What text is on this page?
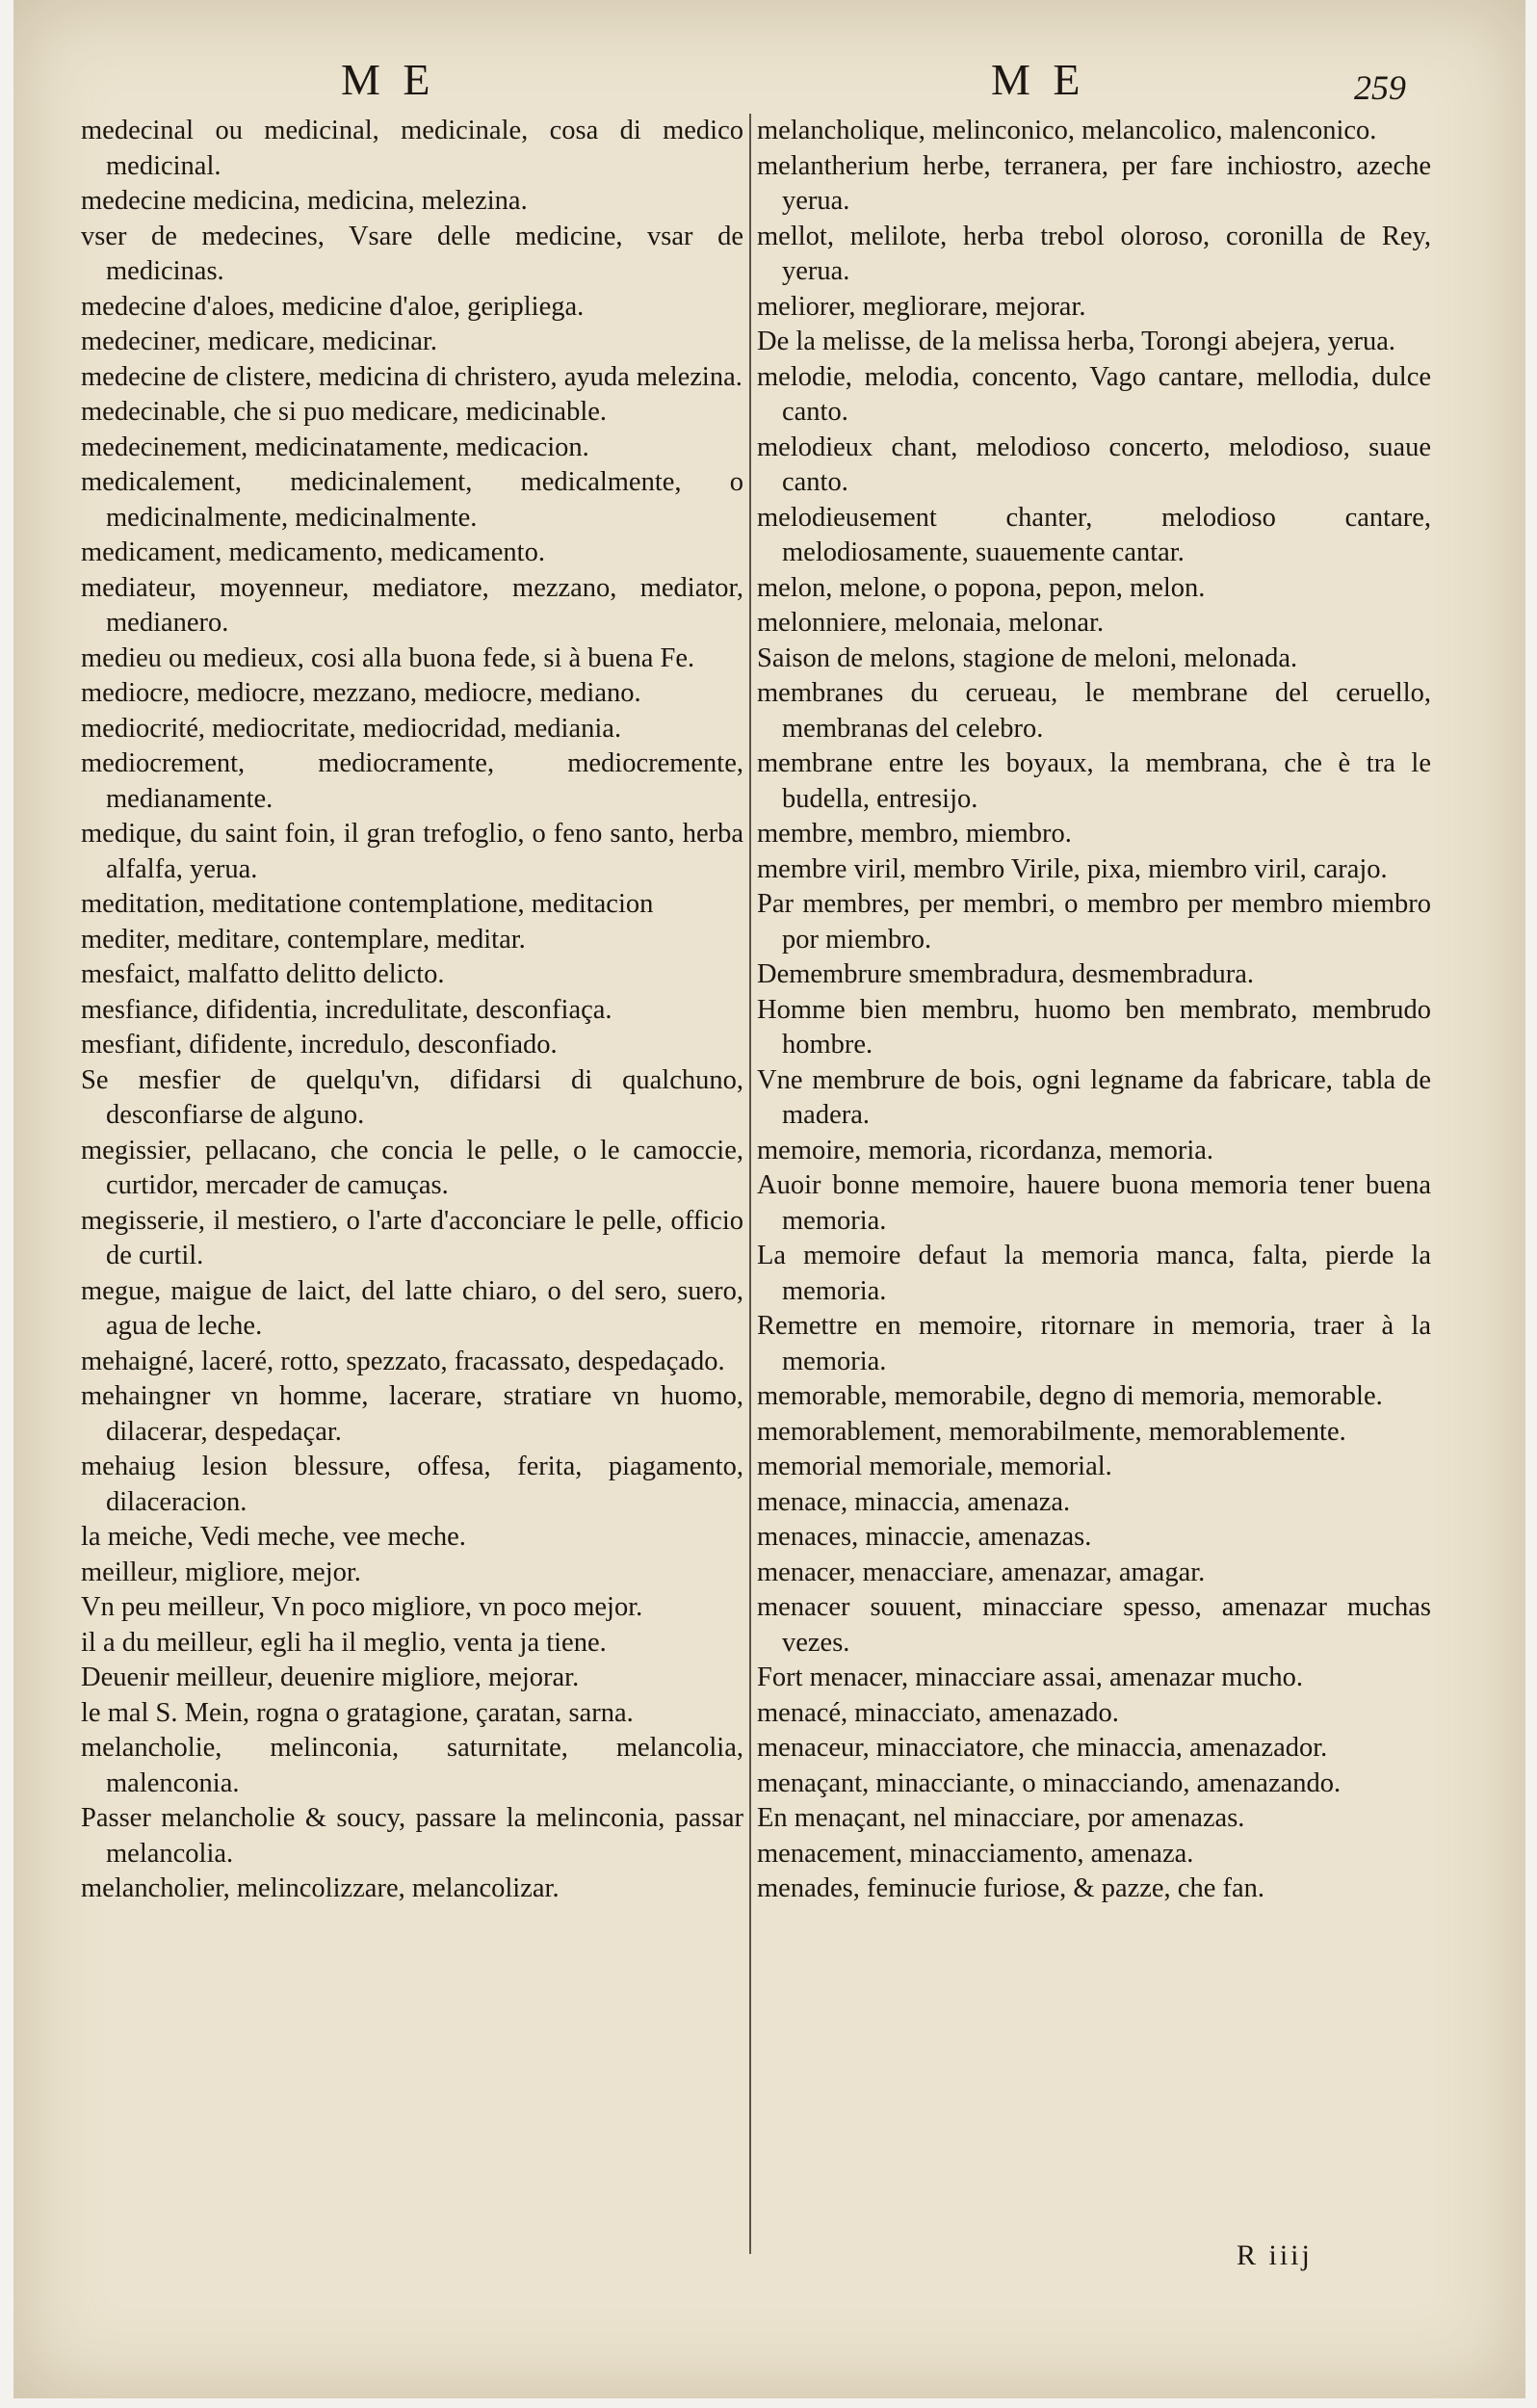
M E	M E	259
medecinal ou medicinal, medicinale, cosa di medico medicinal.
medecine medicina, medicina, melezina.
vser de medecines, Vsare delle medicine, vsar de medicinas.
medecine d'aloes, medicine d'aloe, geripliega.
medeciner, medicare, medicinar.
medecine de clistere, medicina di christero, ayuda melezina.
medecinable, che si puo medicare, medicinable.
medecinement, medicinatamente, medicacion.
medicalement, medicinalement, medicalmente, o medicinalmente, medicinalmente.
medicament, medicamento, medicamento.
mediateur, moyenneur, mediatore, mezzano, mediator, medianero.
medieu ou medieux, cosi alla buona fede, si à buena Fe.
mediocre, mediocre, mezzano, mediocre, mediano.
mediocrité, mediocritate, mediocridad, mediania.
mediocrement, mediocramente, mediocremente, medianamente.
medique, du saint foin, il gran trefoglio, o feno santo, herba alfalfa, yerua.
meditation, meditatione contemplatione, meditacion
mediter, meditare, contemplare, meditar.
mesfaict, malfatto delitto delicto.
mesfiance, difidentia, incredulitate, desconfiaça.
mesfiant, difidente, incredulo, desconfiado.
Se mesfier de quelqu'vn, difidarsi di qualchuno, desconfiarse de alguno.
megissier, pellacano, che concia le pelle, o le camoccie, curtidor, mercader de camuças.
megisserie, il mestiero, o l'arte d'acconciare le pelle, officio de curtil.
megue, maigue de laict, del latte chiaro, o del sero, suero, agua de leche.
mehaigné, laceré, rotto, spezzato, fracassato, despedaçado.
mehaingner vn homme, lacerare, stratiare vn huomo, dilacerar, despedaçar.
mehaiug lesion blessure, offesa, ferita, piagamento, dilaceracion.
la meiche, Vedi meche, vee meche.
meilleur, migliore, mejor.
Vn peu meilleur, Vn poco migliore, vn poco mejor.
il a du meilleur, egli ha il meglio, venta ja tiene.
Deuenir meilleur, deuenire migliore, mejorar.
le mal S. Mein, rogna o gratagione, çaratan, sarna.
melancholie, melinconia, saturnitate, melancolia, malenconia.
Passer melancholie & soucy, passare la melinconia, passar melancolia.
melancholier, melincolizzare, melancolizar.
melancholique, melinconico, melancolico, malenconico.
melantherium herbe, terranera, per fare inchiostro, azeche yerua.
mellot, melilote, herba trebol oloroso, coronilla de Rey, yerua.
meliorer, megliorare, mejorar.
De la melisse, de la melissa herba, Torongi abejera, yerua.
melodie, melodia, concento, Vago cantare, mellodia, dulce canto.
melodieux chant, melodioso concerto, melodioso, suaue canto.
melodieusement chanter, melodioso cantare, melodiosamente, suauemente cantar.
melon, melone, o popona, pepon, melon.
melonniere, melonaia, melonar.
Saison de melons, stagione de meloni, melonada.
membranes du cerueau, le membrane del ceruello, membranas del celebro.
membrane entre les boyaux, la membrana, che è tra le budella, entresijo.
membre, membro, miembro.
membre viril, membro Virile, pixa, miembro viril, carajo.
Par membres, per membri, o membro per membro miembro por miembro.
Demembrure smembradura, desmembradura.
Homme bien membru, huomo ben membrato, membrudo hombre.
Vne membrure de bois, ogni legname da fabricare, tabla de madera.
memoire, memoria, ricordanza, memoria.
Auoir bonne memoire, hauere buona memoria tener buena memoria.
La memoire defaut la memoria manca, falta, pierde la memoria.
Remettre en memoire, ritornare in memoria, traer à la memoria.
memorable, memorabile, degno di memoria, memorable.
memorablement, memorabilmente, memorablemente.
memorial memoriale, memorial.
menace, minaccia, amenaza.
menaces, minaccie, amenazas.
menacer, menacciare, amenazar, amagar.
menacer souuent, minacciare spesso, amenazar muchas vezes.
Fort menacer, minacciare assai, amenazar mucho.
menacé, minacciato, amenazado.
menaceur, minacciatore, che minaccia, amenazador.
menaçant, minacciante, o minacciando, amenazando.
En menaçant, nel minacciare, por amenazas.
menacement, minacciamento, amenaza.
menades, feminucie furiose, & pazze, che fan.
R iiij
